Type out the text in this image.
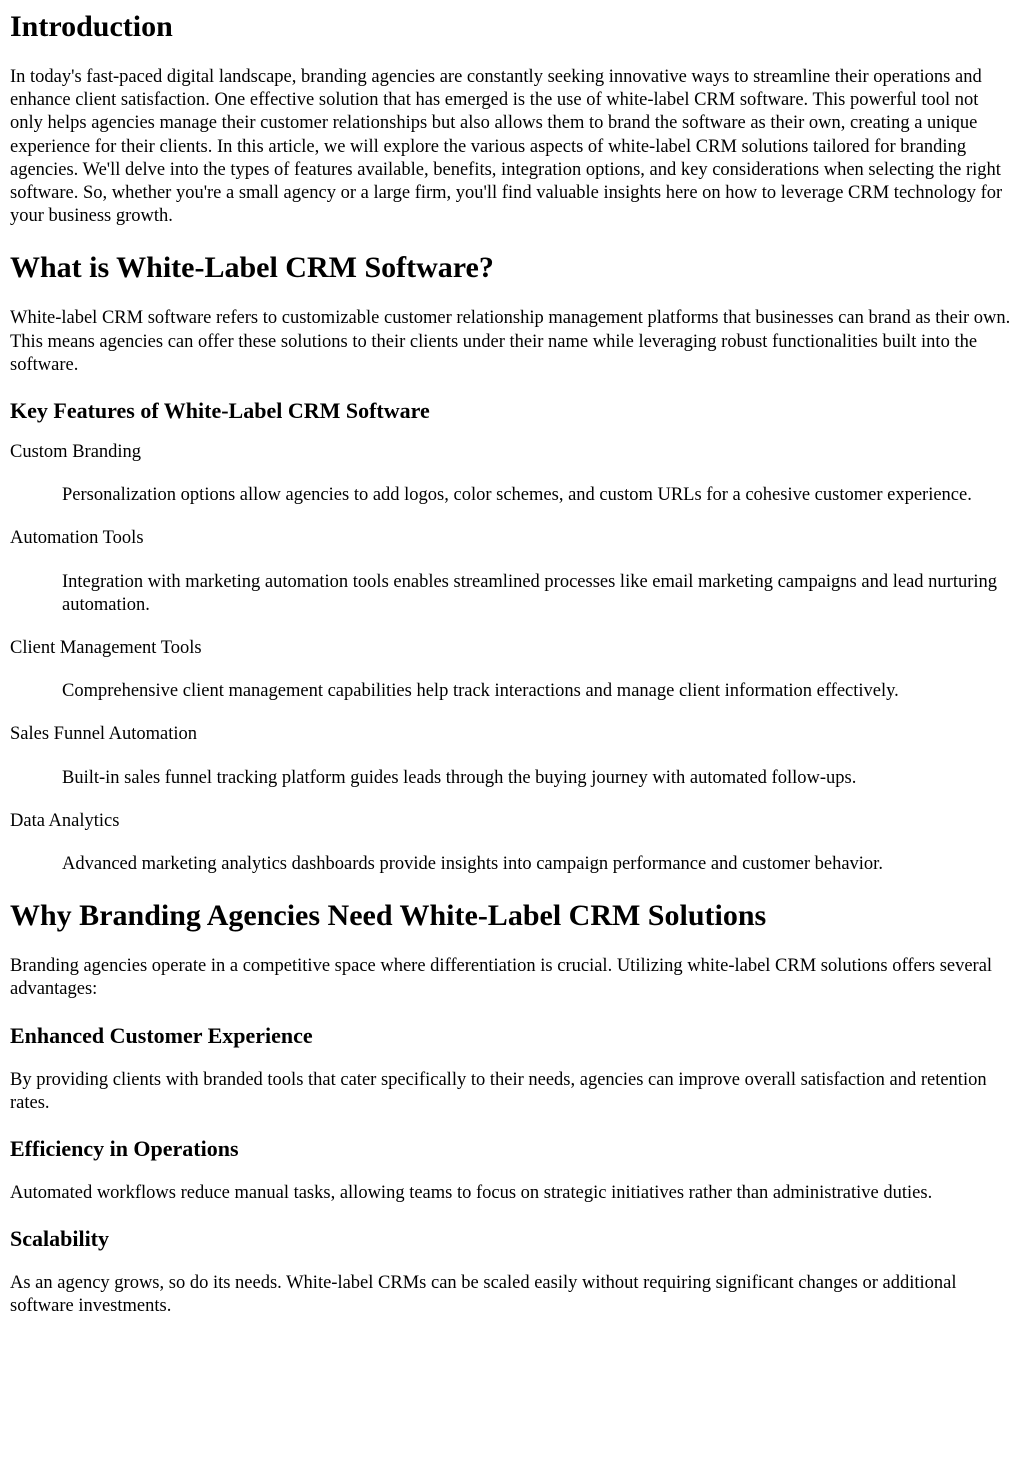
Introduction

In today's fast-paced digital landscape, branding agencies are constantly seeking innovative ways to streamline their operations and enhance client satisfaction. One effective solution that has emerged is the use of white-label CRM software. This powerful tool not only helps agencies manage their customer relationships but also allows them to brand the software as their own, creating a unique experience for their clients. In this article, we will explore the various aspects of white-label CRM solutions tailored for branding agencies. We'll delve into the types of features available, benefits, integration options, and key considerations when selecting the right software. So, whether you're a small agency or a large firm, you'll find valuable insights here on how to leverage CRM technology for your business growth.

What is White-Label CRM Software?

White-label CRM software refers to customizable customer relationship management platforms that businesses can brand as their own. This means agencies can offer these solutions to their clients under their name while leveraging robust functionalities built into the software.

Key Features of White-Label CRM Software
Custom Branding
Personalization options allow agencies to add logos, color schemes, and custom URLs for a cohesive customer experience.
Automation Tools
Integration with marketing automation tools enables streamlined processes like email marketing campaigns and lead nurturing automation.
Client Management Tools
Comprehensive client management capabilities help track interactions and manage client information effectively.
Sales Funnel Automation
Built-in sales funnel tracking platform guides leads through the buying journey with automated follow-ups.
Data Analytics
Advanced marketing analytics dashboards provide insights into campaign performance and customer behavior.
Why Branding Agencies Need White-Label CRM Solutions

Branding agencies operate in a competitive space where differentiation is crucial. Utilizing white-label CRM solutions offers several advantages:

Enhanced Customer Experience

By providing clients with branded tools that cater specifically to their needs, agencies can improve overall satisfaction and retention rates.

Efficiency in Operations

Automated workflows reduce manual tasks, allowing teams to focus on strategic initiatives rather than administrative duties.

Scalability

As an agency grows, so do its needs. White-label CRMs can be scaled easily without requiring significant changes or additional software investments.
